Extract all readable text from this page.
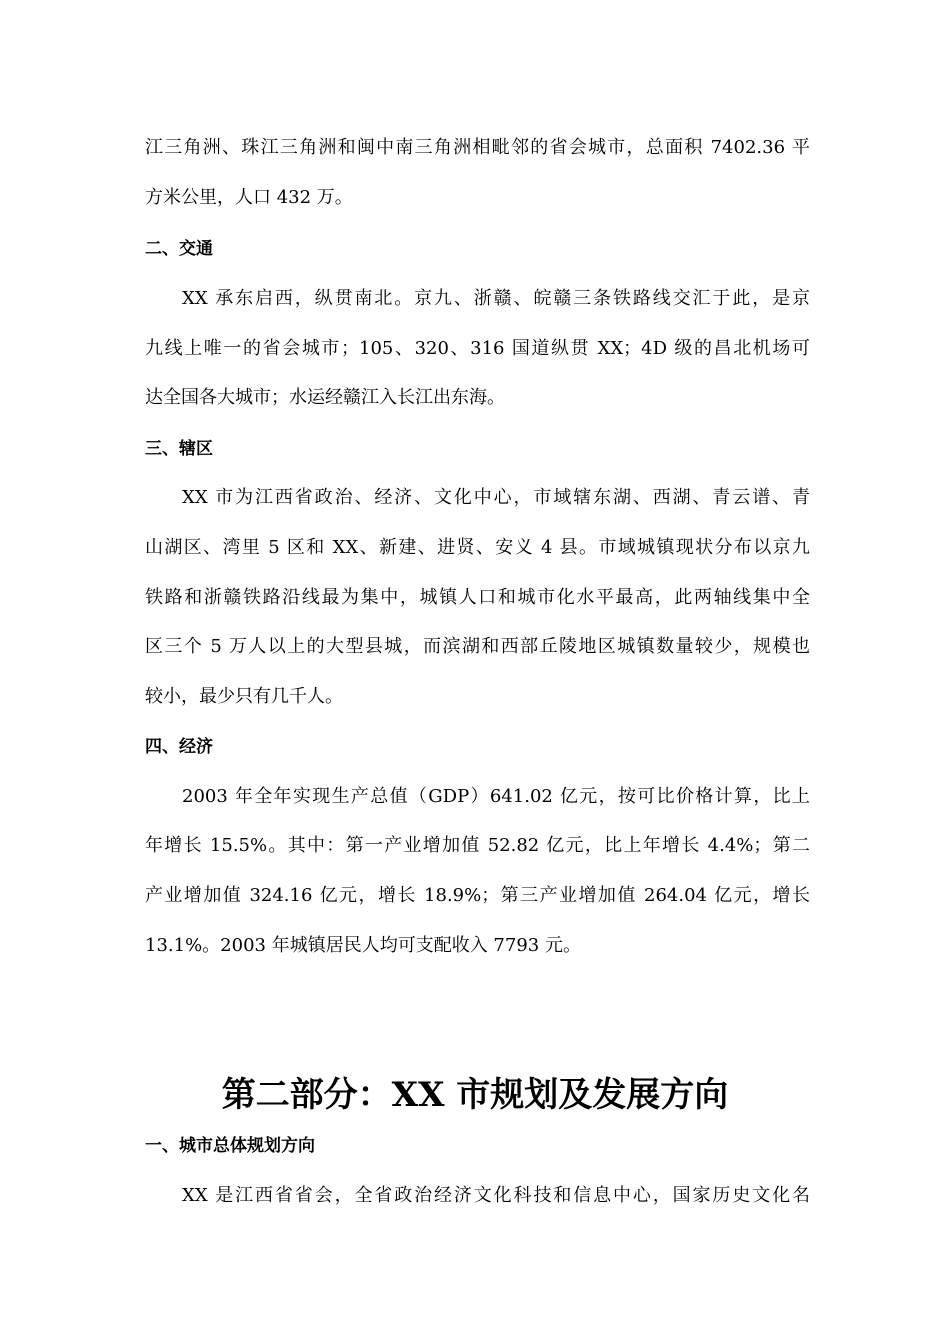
江三角洲、珠江三角洲和闽中南三角洲相毗邻的省会城市，总面积 7402.36 平
方米公里，人口 432 万。
二、交通
XX 承东启西，纵贯南北。京九、浙赣、皖赣三条铁路线交汇于此，是京
九线上唯一的省会城市；105、320、316 国道纵贯 XX；4D 级的昌北机场可
达全国各大城市；水运经赣江入长江出东海。
三、辖区
XX 市为江西省政治、经济、文化中心，市域辖东湖、西湖、青云谱、青
山湖区、湾里 5 区和 XX、新建、进贤、安义 4 县。市域城镇现状分布以京九
铁路和浙赣铁路沿线最为集中，城镇人口和城市化水平最高，此两轴线集中全
区三个 5 万人以上的大型县城，而滨湖和西部丘陵地区城镇数量较少，规模也
较小，最少只有几千人。
四、经济
2003 年全年实现生产总值（GDP）641.02 亿元，按可比价格计算，比上
年增长 15.5%。其中：第一产业增加值 52.82 亿元，比上年增长 4.4%；第二
产业增加值 324.16 亿元，增长 18.9%；第三产业增加值 264.04 亿元，增长
13.1%。2003 年城镇居民人均可支配收入 7793 元。
第二部分：XX 市规划及发展方向
一、城市总体规划方向
XX 是江西省省会，全省政治经济文化科技和信息中心，国家历史文化名
